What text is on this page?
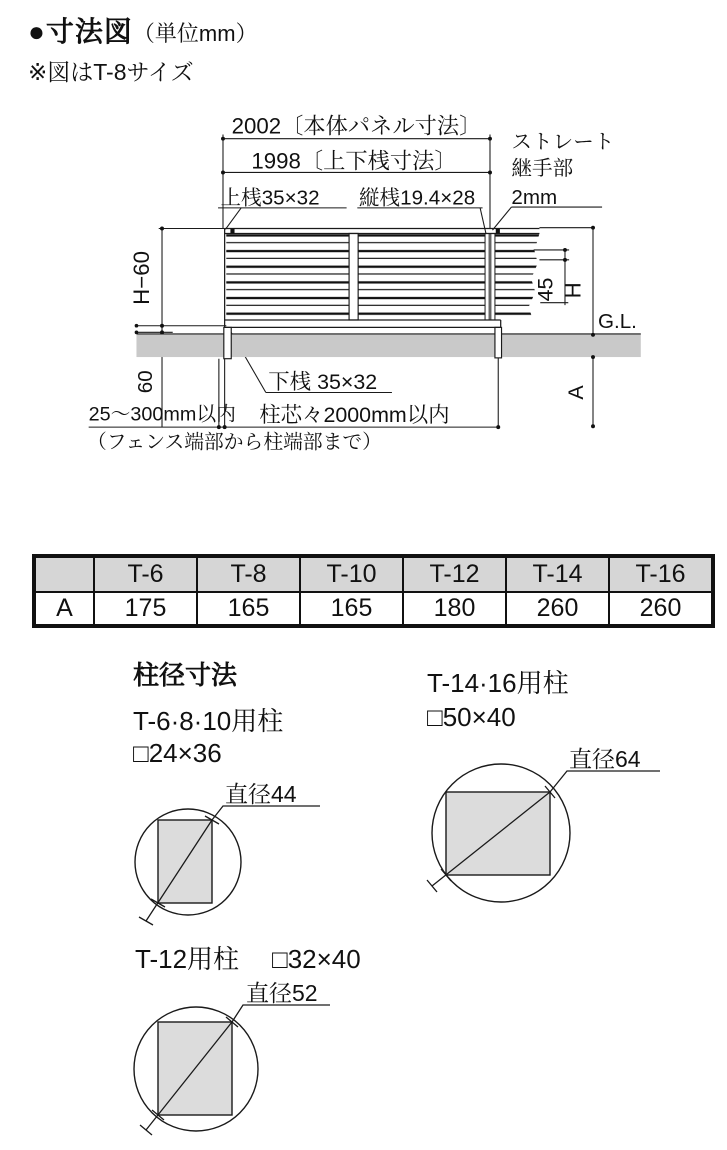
●寸法図（単位mm）
※図はT-8サイズ
2002〔本体パネル寸法〕
1998〔上下桟寸法〕
上桟35×32 縦桟19.4×28
ストレート
継手部
2mm
H−60
60
45 H
G.L.
A
下桟 35×32
柱芯々2000mm以内
25〜300mm以内
（フェンス端部から柱端部まで）
	T-6	T-8	T-10	T-12	T-14	T-16
A	175	165	165	180	260	260
柱径寸法
T-6·8·10用柱
□24×36
直径44
T-14·16用柱
□50×40
直径64
T-12用柱 □32×40
直径52
